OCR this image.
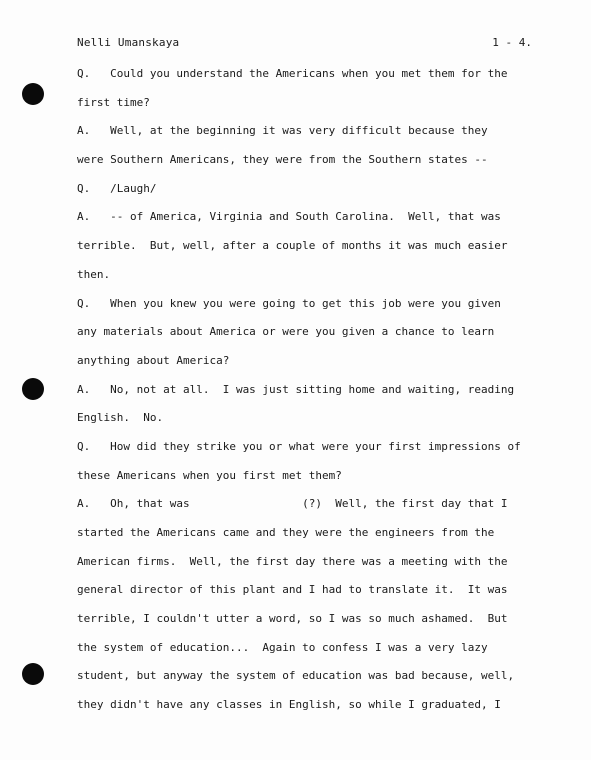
Nelli Umanskaya	1 - 4.
Q.   Could you understand the Americans when you met them for the
first time?
A.   Well, at the beginning it was very difficult because they
were Southern Americans, they were from the Southern states --
Q.   /Laugh/
A.   -- of America, Virginia and South Carolina.  Well, that was
terrible.  But, well, after a couple of months it was much easier
then.
Q.   When you knew you were going to get this job were you given
any materials about America or were you given a chance to learn
anything about America?
A.   No, not at all.  I was just sitting home and waiting, reading
English.  No.
Q.   How did they strike you or what were your first impressions of
these Americans when you first met them?
A.   Oh, that was                 (?)  Well, the first day that I
started the Americans came and they were the engineers from the
American firms.  Well, the first day there was a meeting with the
general director of this plant and I had to translate it.  It was
terrible, I couldn't utter a word, so I was so much ashamed.  But
the system of education...  Again to confess I was a very lazy
student, but anyway the system of education was bad because, well,
they didn't have any classes in English, so while I graduated, I
